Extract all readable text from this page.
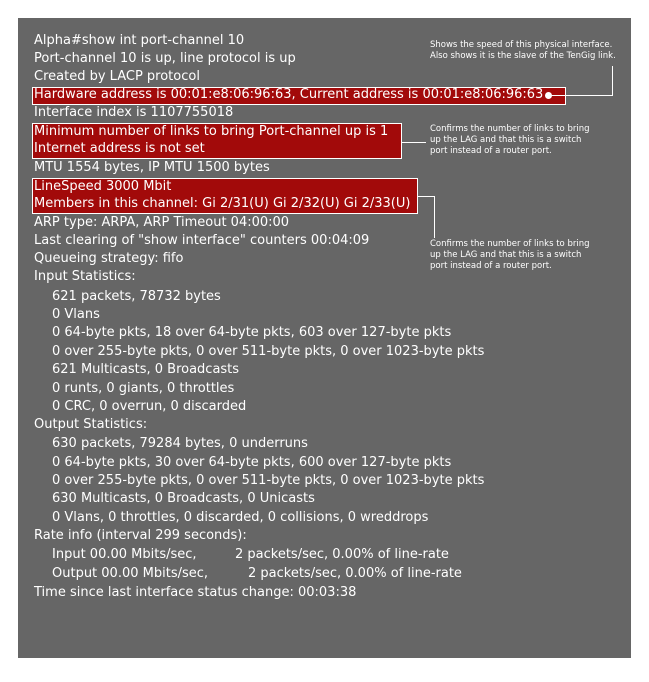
Alpha#show int port-channel 10
Port-channel 10 is up, line protocol is up
Created by LACP protocol
Hardware address is 00:01:e8:06:96:63, Current address is 00:01:e8:06:96:63
Interface index is 1107755018
Minimum number of links to bring Port-channel up is 1
Internet address is not set
MTU 1554 bytes, IP MTU 1500 bytes
LineSpeed 3000 Mbit
Members in this channel: Gi 2/31(U) Gi 2/32(U) Gi 2/33(U)
ARP type: ARPA, ARP Timeout 04:00:00
Last clearing of "show interface" counters 00:04:09
Queueing strategy: fifo
Input Statistics:
621 packets, 78732 bytes
0 Vlans
0 64-byte pkts, 18 over 64-byte pkts, 603 over 127-byte pkts
0 over 255-byte pkts, 0 over 511-byte pkts, 0 over 1023-byte pkts
621 Multicasts, 0 Broadcasts
0 runts, 0 giants, 0 throttles
0 CRC, 0 overrun, 0 discarded
Output Statistics:
630 packets, 79284 bytes, 0 underruns
0 64-byte pkts, 30 over 64-byte pkts, 600 over 127-byte pkts
0 over 255-byte pkts, 0 over 511-byte pkts, 0 over 1023-byte pkts
630 Multicasts, 0 Broadcasts, 0 Unicasts
0 Vlans, 0 throttles, 0 discarded, 0 collisions, 0 wreddrops
Rate info (interval 299 seconds):
Input 00.00 Mbits/sec,	2 packets/sec, 0.00% of line-rate
Output 00.00 Mbits/sec,	2 packets/sec, 0.00% of line-rate
Time since last interface status change: 00:03:38
Shows the speed of this physical interface.
Also shows it is the slave of the TenGig link.
Confirms the number of links to bring
up the LAG and that this is a switch
port instead of a router port.
Confirms the number of links to bring
up the LAG and that this is a switch
port instead of a router port.
